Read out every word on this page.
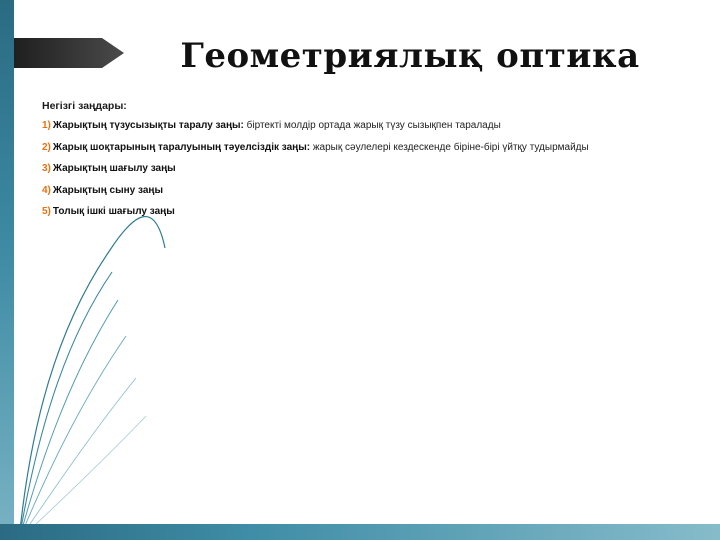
Геометриялық оптика
Негізгі заңдары:
1) Жарықтың түзусызықты таралу заңы: біртекті молдір ортада жарық түзу сызықпен таралады
2) Жарық шоқтарының таралуының тәуелсіздік заңы: жарық сәулелері кездескенде біріне-бірі үйтқу тудырмайды
3) Жарықтың шағылу заңы
4) Жарықтың сыну заңы
5) Толық ішкі шағылу заңы
